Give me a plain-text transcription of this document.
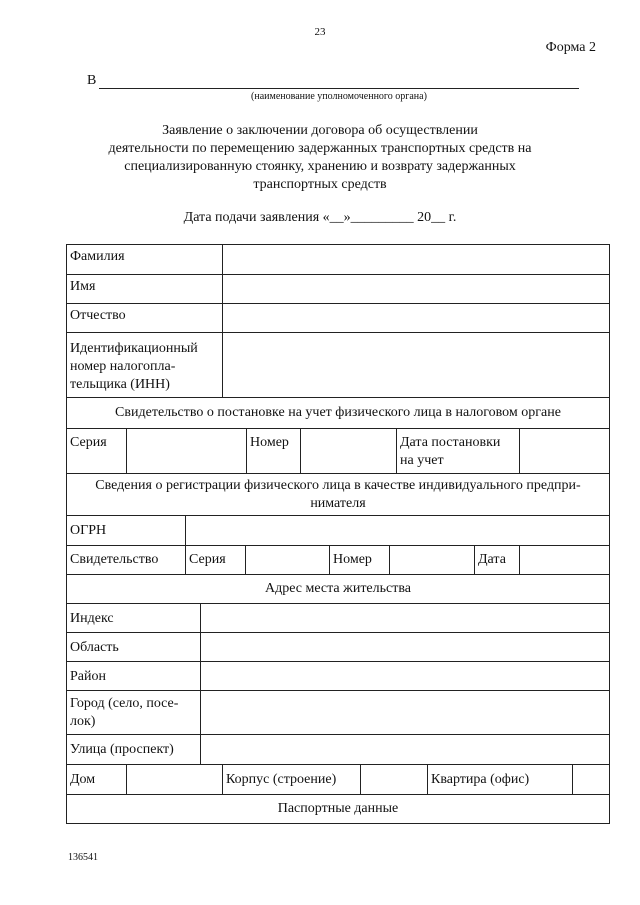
23
Форма 2
В
(наименование уполномоченного органа)
Заявление о заключении договора об осуществлении
деятельности по перемещению задержанных транспортных средств на
специализированную стоянку, хранению и возврату задержанных
транспортных средств
Дата подачи заявления «__»_________ 20__ г.
Фамилия
Имя
Отчество
Идентификационный
номер налогопла-
тельщика (ИНН)
Свидетельство о постановке на учет физического лица в налоговом органе
Серия	Номер	Дата постановки
на учет
Сведения о регистрации физического лица в качестве индивидуального предпри-
нимателя
ОГРН
Свидетельство	Серия	Номер	Дата
Адрес места жительства
Индекс
Область
Район
Город (село, посе-
лок)
Улица (проспект)
Дом	Корпус (строение)	Квартира (офис)
Паспортные данные
136541
